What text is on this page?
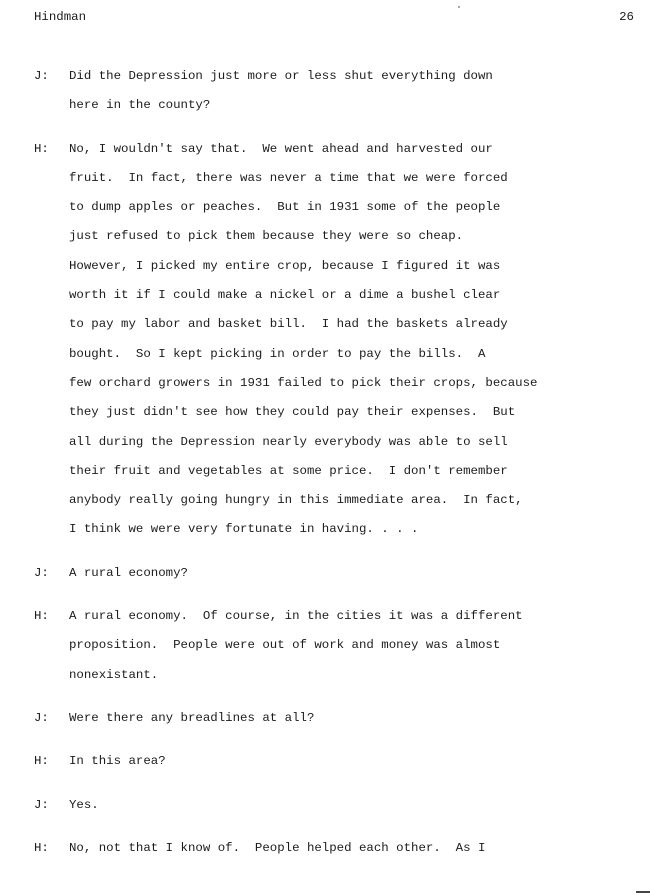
Hindman	26
J: Did the Depression just more or less shut everything down
here in the county?
H: No, I wouldn't say that.  We went ahead and harvested our
fruit.  In fact, there was never a time that we were forced
to dump apples or peaches.  But in 1931 some of the people
just refused to pick them because they were so cheap.
However, I picked my entire crop, because I figured it was
worth it if I could make a nickel or a dime a bushel clear
to pay my labor and basket bill.  I had the baskets already
bought.  So I kept picking in order to pay the bills.  A
few orchard growers in 1931 failed to pick their crops, because
they just didn't see how they could pay their expenses.  But
all during the Depression nearly everybody was able to sell
their fruit and vegetables at some price.  I don't remember
anybody really going hungry in this immediate area.  In fact,
I think we were very fortunate in having. . . .
J: A rural economy?
H: A rural economy.  Of course, in the cities it was a different
proposition.  People were out of work and money was almost
nonexistant.
J: Were there any breadlines at all?
H: In this area?
J: Yes.
H: No, not that I know of.  People helped each other.  As I
